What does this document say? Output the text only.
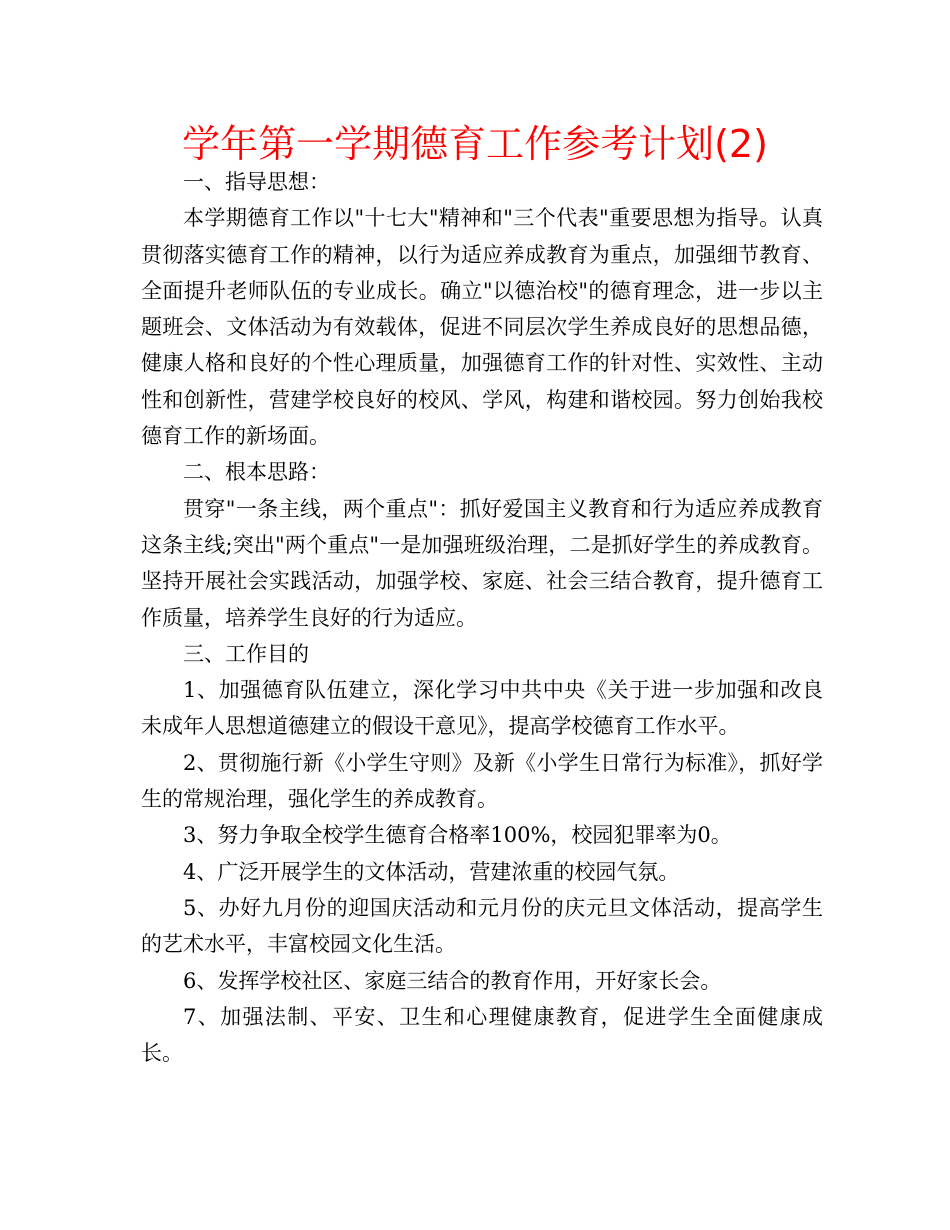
学年第一学期德育工作参考计划(2)

一、指导思想：

本学期德育工作以"十七大"精神和"三个代表"重要思想为指导。认真贯彻落实德育工作的精神，以行为适应养成教育为重点，加强细节教育、全面提升老师队伍的专业成长。确立"以德治校"的德育理念，进一步以主题班会、文体活动为有效载体，促进不同层次学生养成良好的思想品德，健康人格和良好的个性心理质量，加强德育工作的针对性、实效性、主动性和创新性，营建学校良好的校风、学风，构建和谐校园。努力创始我校德育工作的新场面。

二、根本思路：

贯穿"一条主线，两个重点"：抓好爱国主义教育和行为适应养成教育这条主线;突出"两个重点"一是加强班级治理，二是抓好学生的养成教育。坚持开展社会实践活动，加强学校、家庭、社会三结合教育，提升德育工作质量，培养学生良好的行为适应。

三、工作目的

1、加强德育队伍建立，深化学习中共中央《关于进一步加强和改良未成年人思想道德建立的假设干意见》，提高学校德育工作水平。

2、贯彻施行新《小学生守则》及新《小学生日常行为标准》，抓好学生的常规治理，强化学生的养成教育。

3、努力争取全校学生德育合格率100%，校园犯罪率为0。

4、广泛开展学生的文体活动，营建浓重的校园气氛。

5、办好九月份的迎国庆活动和元月份的庆元旦文体活动，提高学生的艺术水平，丰富校园文化生活。

6、发挥学校社区、家庭三结合的教育作用，开好家长会。

7、加强法制、平安、卫生和心理健康教育，促进学生全面健康成长。
